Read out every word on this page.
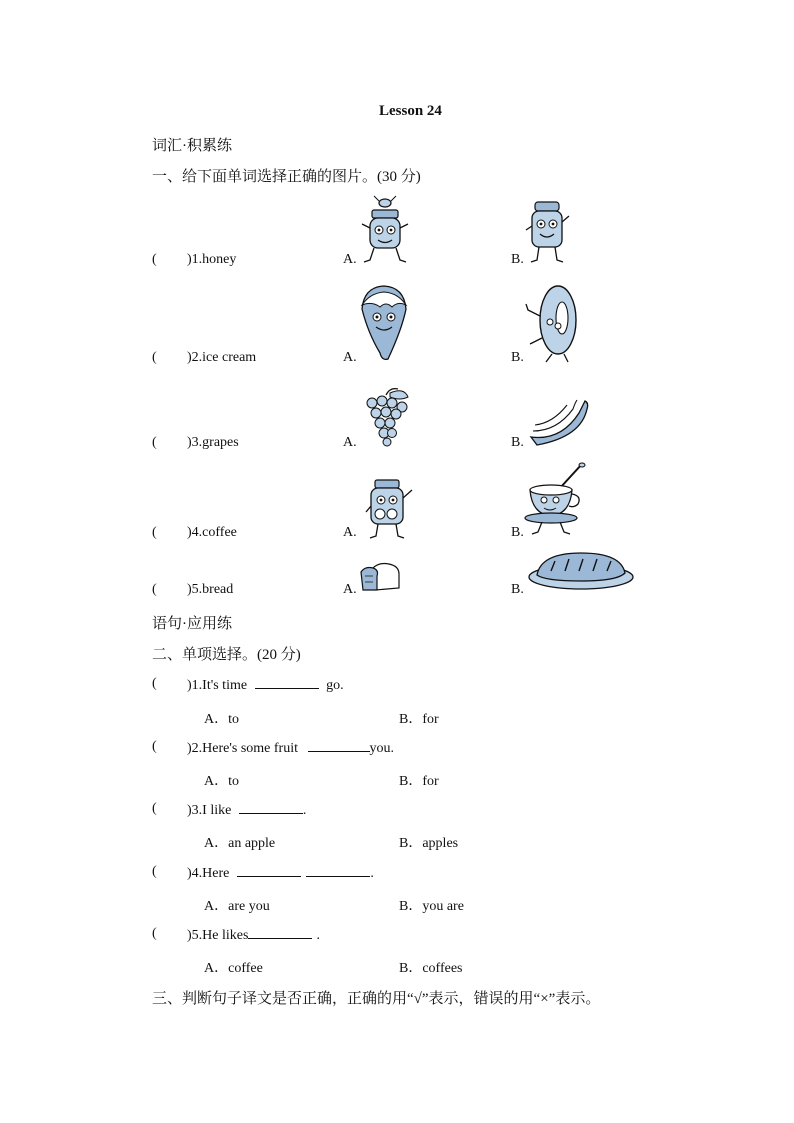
Lesson 24
词汇·积累练
一、给下面单词选择正确的图片。(30 分)
( )1.honey	A.	B.
( )2.ice cream	A.	B.
( )3.grapes	A.	B.
( )4.coffee	A.	B.
( )5.bread	A.	B.
语句·应用练
二、单项选择。(20 分)
( )1.It's time	go.
A．to	B．for
( )2.Here's some fruit	you.
A．to	B．for
( )3.I like	.
A．an apple	B．apples
( )4.Here	.
A．are you	B．you are
( )5.He likes	.
A．coffee	B．coffees
三、判断句子译文是否正确，正确的用“√”表示，错误的用“×”表示。
